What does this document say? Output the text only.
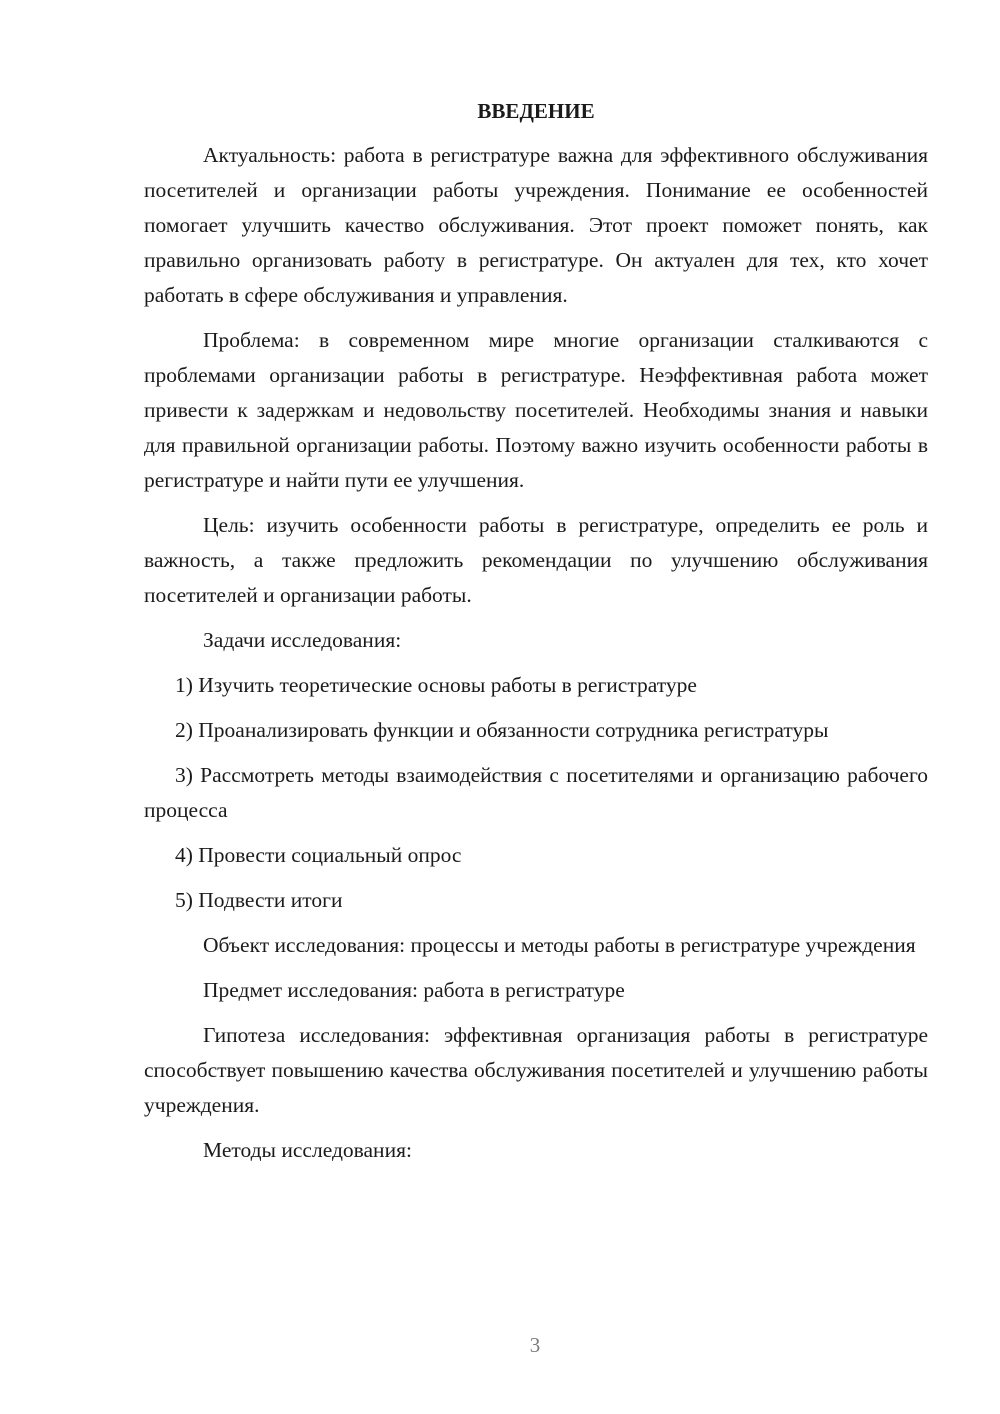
ВВЕДЕНИЕ

Актуальность: работа в регистратуре важна для эффективного обслуживания посетителей и организации работы учреждения. Понимание ее особенностей помогает улучшить качество обслуживания. Этот проект поможет понять, как правильно организовать работу в регистратуре. Он актуален для тех, кто хочет работать в сфере обслуживания и управления.

Проблема: в современном мире многие организации сталкиваются с проблемами организации работы в регистратуре. Неэффективная работа может привести к задержкам и недовольству посетителей. Необходимы знания и навыки для правильной организации работы. Поэтому важно изучить особенности работы в регистратуре и найти пути ее улучшения.

Цель: изучить особенности работы в регистратуре, определить ее роль и важность, а также предложить рекомендации по улучшению обслуживания посетителей и организации работы.

Задачи исследования:

1) Изучить теоретические основы работы в регистратуре

2) Проанализировать функции и обязанности сотрудника регистратуры

3) Рассмотреть методы взаимодействия с посетителями и организацию рабочего процесса

4) Провести социальный опрос

5) Подвести итоги

Объект исследования: процессы и методы работы в регистратуре учреждения

Предмет исследования: работа в регистратуре

Гипотеза исследования: эффективная организация работы в регистратуре способствует повышению качества обслуживания посетителей и улучшению работы учреждения.

Методы исследования:

3
